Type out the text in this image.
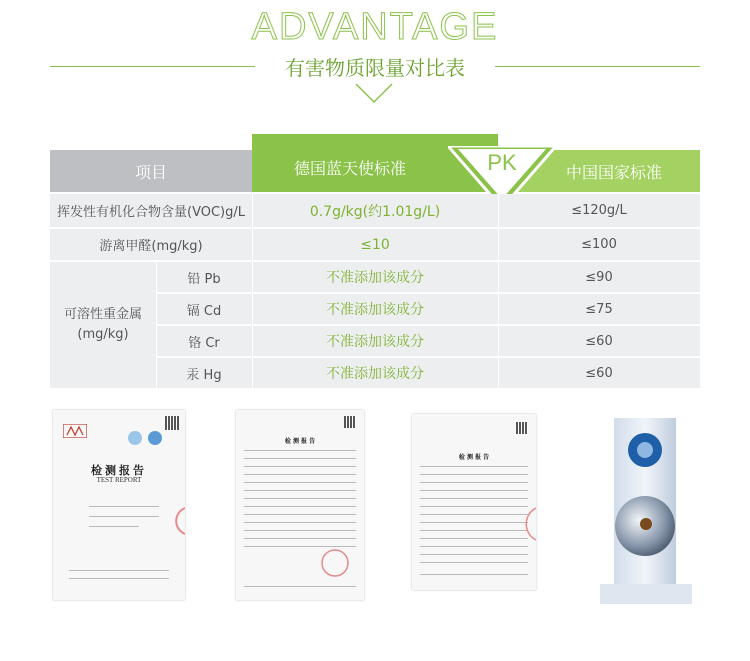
ADVANTAGE
有害物质限量对比表
项目	德国蓝天使标准	中国国家标准
PK
挥发性有机化合物含量(VOC)g/L	0.7g/kg(约1.01g/L)	≤120g/L
游离甲醛(mg/kg)	≤10	≤100
可溶性重金属
(mg/kg)
铅 Pb	不准添加该成分	≤90
镉 Cd	不准添加该成分	≤75
铬 Cr	不准添加该成分	≤60
汞 Hg	不准添加该成分	≤60
检测报告
TEST REPORT
检 测 报 告
检 测 报 告
